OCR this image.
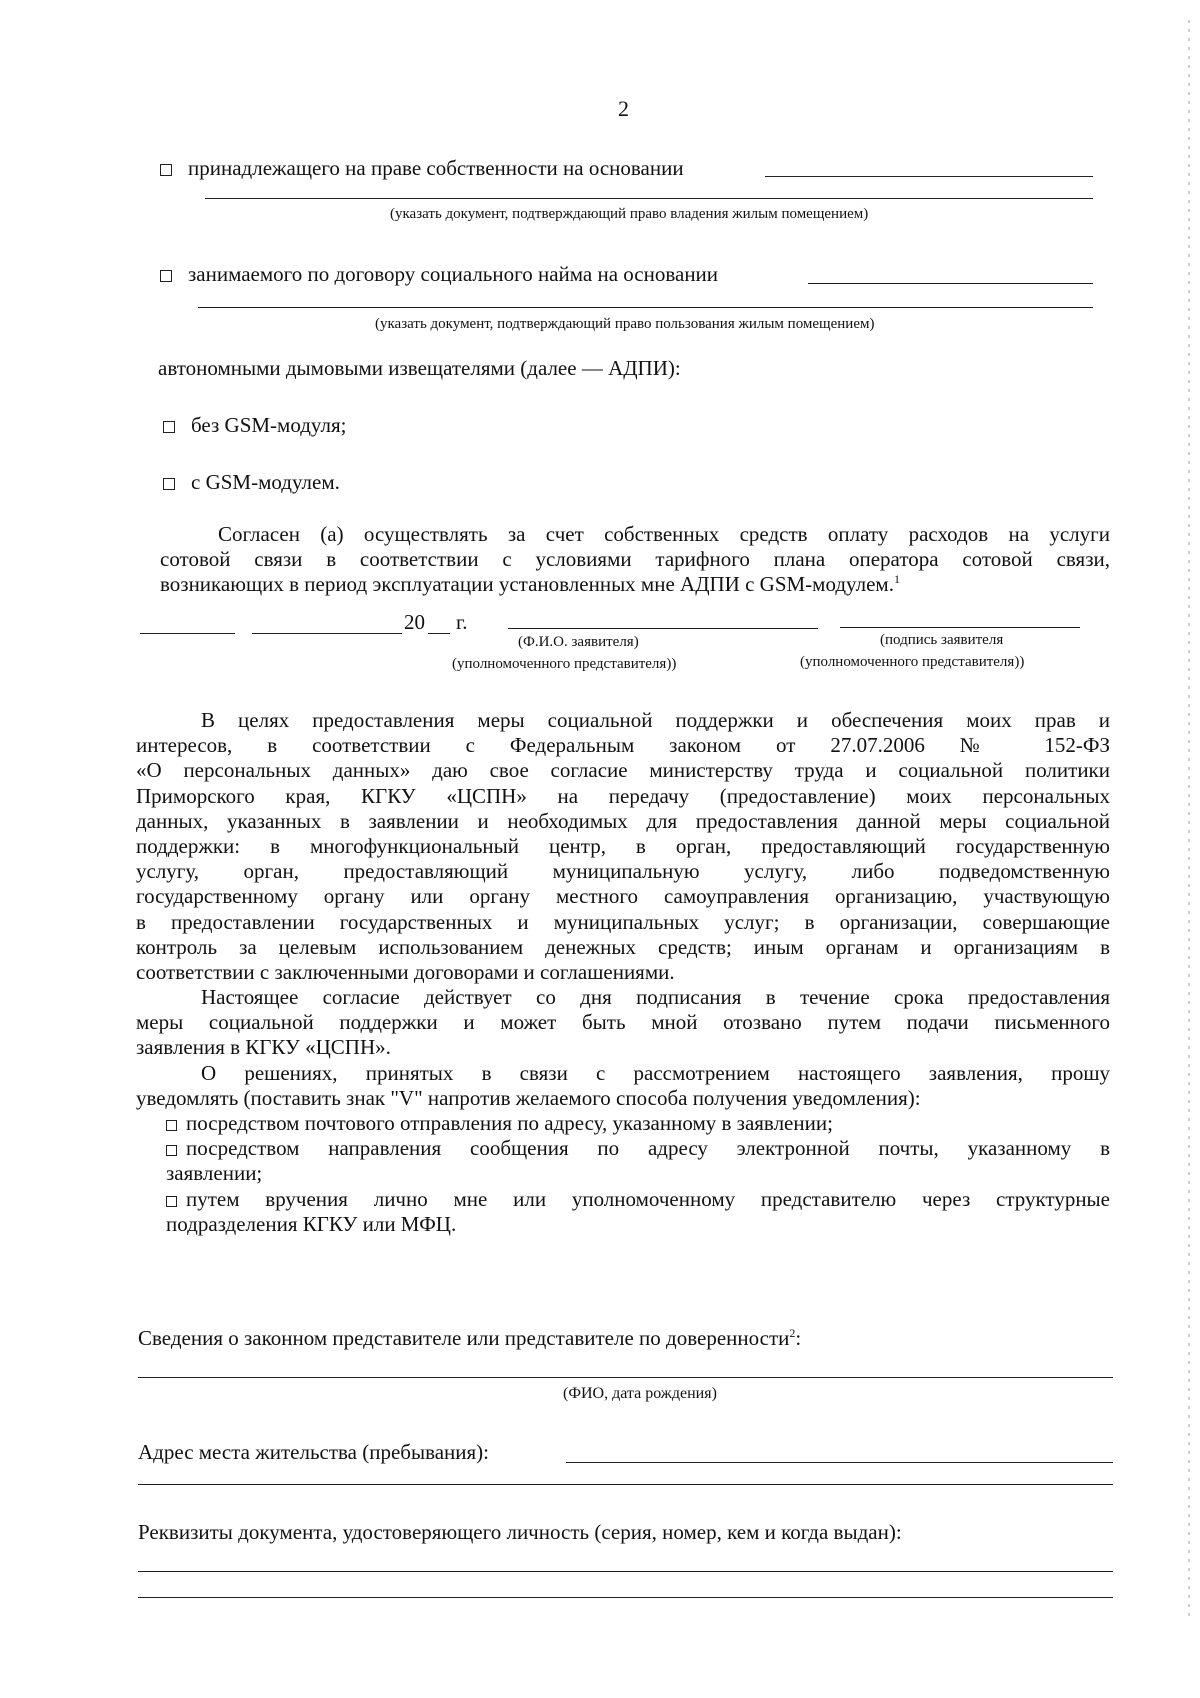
2
принадлежащего на праве собственности на основании
(указать документ, подтверждающий право владения жилым помещением)
занимаемого по договору социального найма на основании
(указать документ, подтверждающий право пользования жилым помещением)
автономными дымовыми извещателями (далее — АДПИ):
без GSM-модуля;
с GSM-модулем.
Согласен (а) осуществлять за счет собственных средств оплату расходов на услуги
сотовой связи в соответствии с условиями тарифного плана оператора сотовой связи,
возникающих в период эксплуатации установленных мне АДПИ с GSM-модулем.$^1$
20 г.
(Ф.И.О. заявителя)
(уполномоченного представителя))
(подпись заявителя
(уполномоченного представителя))
В целях предоставления меры социальной поддержки и обеспечения моих прав и
интересов, в соответствии с Федеральным законом от 27.07.2006 № 152-ФЗ
«О персональных данных» даю свое согласие министерству труда и социальной политики
Приморского края, КГКУ «ЦСПН» на передачу (предоставление) моих персональных
данных, указанных в заявлении и необходимых для предоставления данной меры социальной
поддержки: в многофункциональный центр, в орган, предоставляющий государственную
услугу, орган, предоставляющий муниципальную услугу, либо подведомственную
государственному органу или органу местного самоуправления организацию, участвующую
в предоставлении государственных и муниципальных услуг; в организации, совершающие
контроль за целевым использованием денежных средств; иным органам и организациям в
соответствии с заключенными договорами и соглашениями.
Настоящее согласие действует со дня подписания в течение срока предоставления
меры социальной поддержки и может быть мной отозвано путем подачи письменного
заявления в КГКУ «ЦСПН».
О решениях, принятых в связи с рассмотрением настоящего заявления, прошу
уведомлять (поставить знак "V" напротив желаемого способа получения уведомления):
посредством почтового отправления по адресу, указанному в заявлении;
посредством направления сообщения по адресу электронной почты, указанному в
заявлении;
путем вручения лично мне или уполномоченному представителю через структурные
подразделения КГКУ или МФЦ.
Сведения о законном представителе или представителе по доверенности$^2$:
(ФИО, дата рождения)
Адрес места жительства (пребывания):
Реквизиты документа, удостоверяющего личность (серия, номер, кем и когда выдан):
